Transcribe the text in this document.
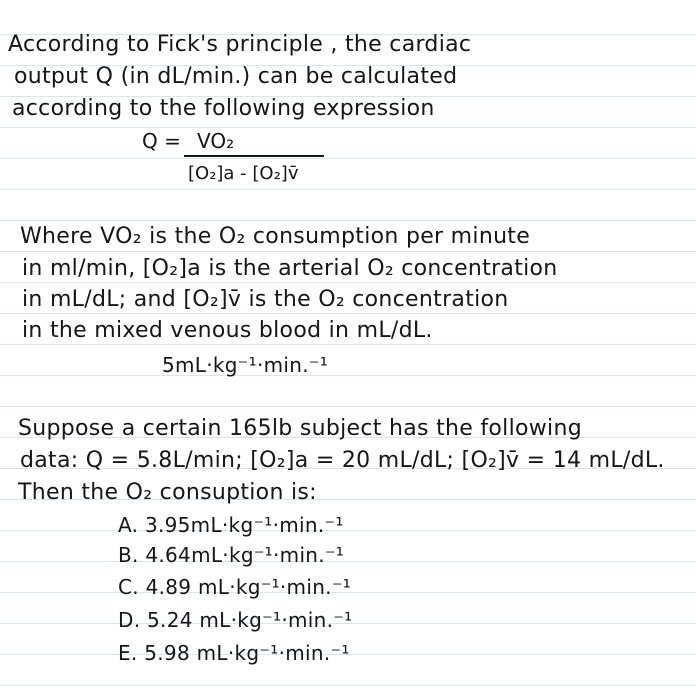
According to Fick's principle , the cardiac
output Q (in dL/min.) can be calculated
according to the following expression
Q = VO₂
[O₂]a - [O₂]v̄
Where VO₂ is the O₂ consumption per minute
in ml/min, [O₂]a is the arterial O₂ concentration
in mL/dL; and [O₂]v̄ is the O₂ concentration
in the mixed venous blood in mL/dL.
5mL·kg⁻¹·min.⁻¹
Suppose a certain 165lb subject has the following
data: Q = 5.8L/min; [O₂]a = 20 mL/dL; [O₂]v̄ = 14 mL/dL.
Then the O₂ consuption is:
A. 3.95mL·kg⁻¹·min.⁻¹
B. 4.64mL·kg⁻¹·min.⁻¹
C. 4.89 mL·kg⁻¹·min.⁻¹
D. 5.24 mL·kg⁻¹·min.⁻¹
E. 5.98 mL·kg⁻¹·min.⁻¹
